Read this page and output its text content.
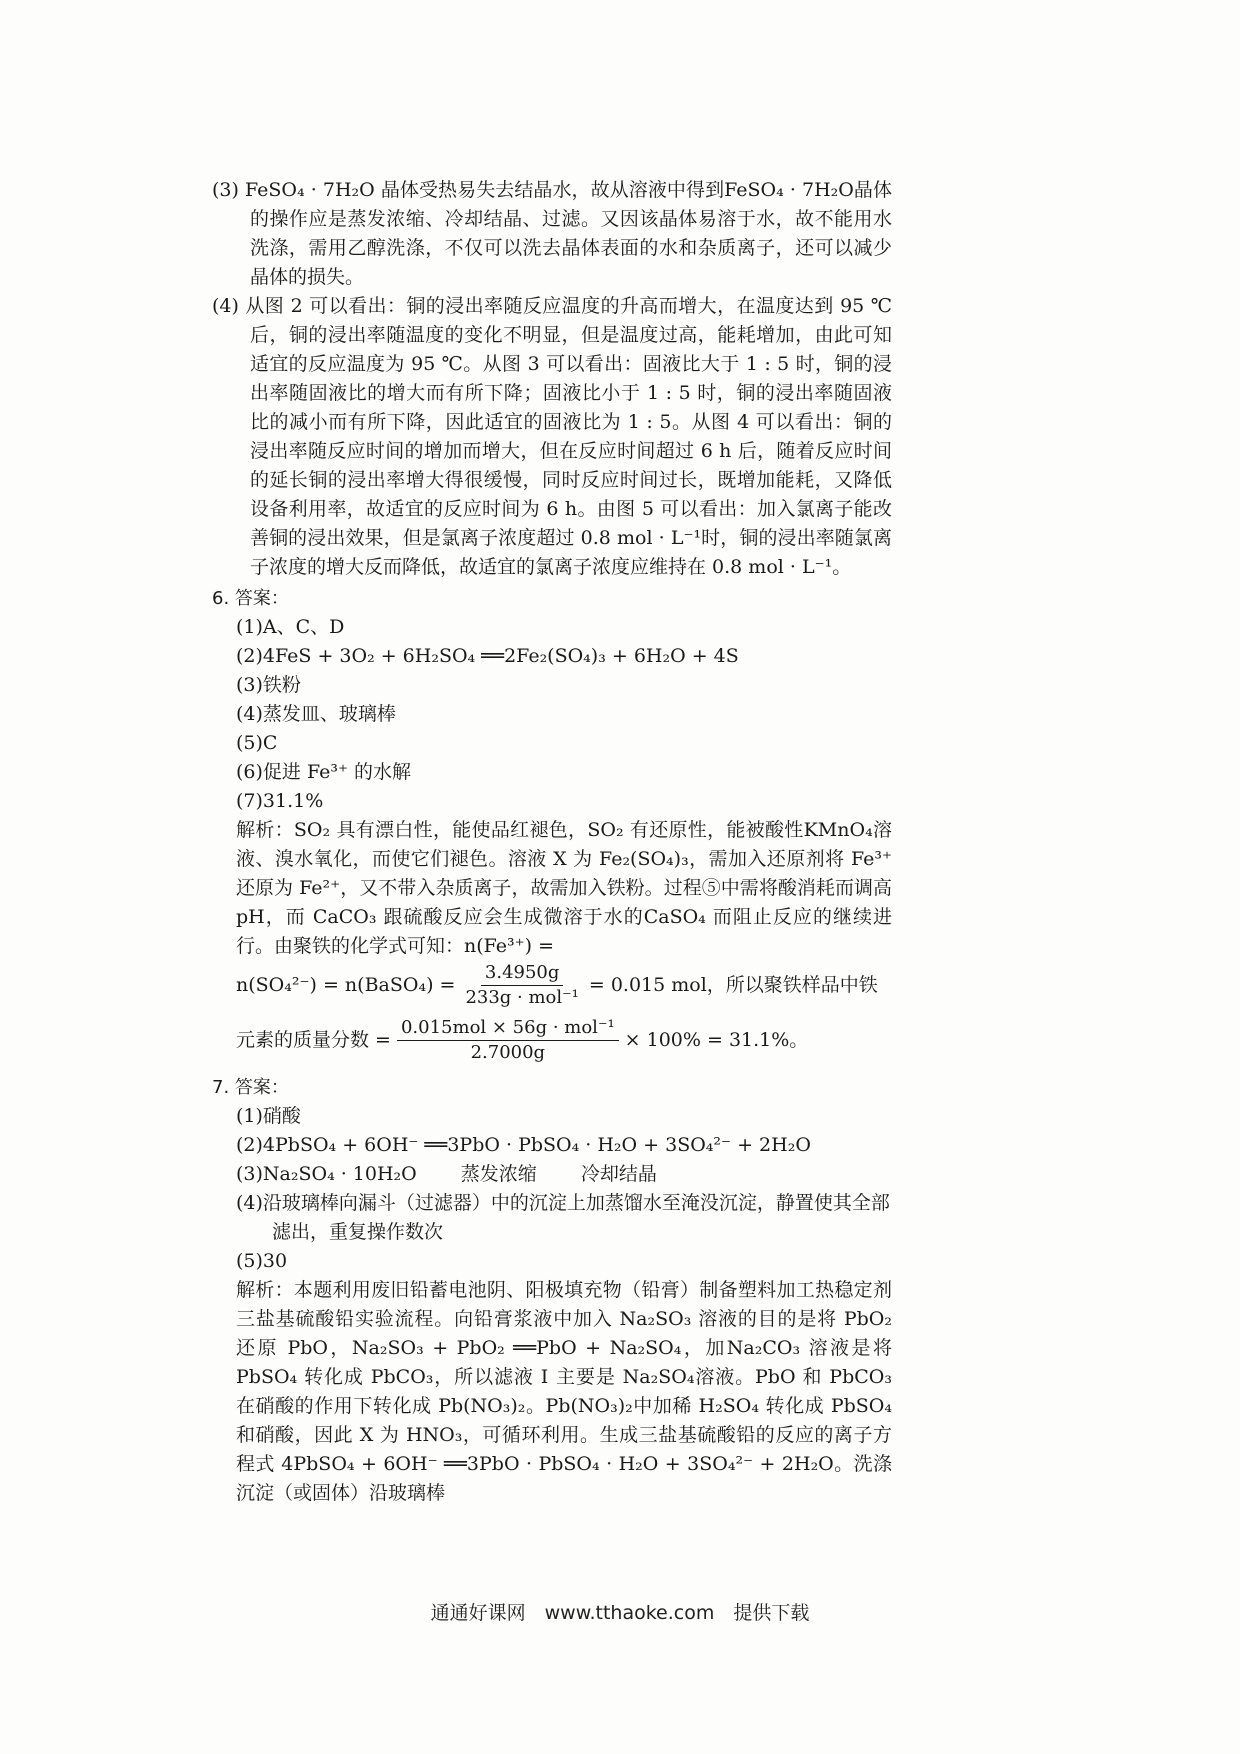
(3) FeSO₄ · 7H₂O 晶体受热易失去结晶水，故从溶液中得到FeSO₄ · 7H₂O晶体的操作应是蒸发浓缩、冷却结晶、过滤。又因该晶体易溶于水，故不能用水洗涤，需用乙醇洗涤，不仅可以洗去晶体表面的水和杂质离子，还可以减少晶体的损失。

(4) 从图 2 可以看出：铜的浸出率随反应温度的升高而增大，在温度达到 95 ℃后，铜的浸出率随温度的变化不明显，但是温度过高，能耗增加，由此可知适宜的反应温度为 95 ℃。从图 3 可以看出：固液比大于 1 : 5 时，铜的浸出率随固液比的增大而有所下降；固液比小于 1 : 5 时，铜的浸出率随固液比的减小而有所下降，因此适宜的固液比为 1 : 5。从图 4 可以看出：铜的浸出率随反应时间的增加而增大，但在反应时间超过 6 h 后，随着反应时间的延长铜的浸出率增大得很缓慢，同时反应时间过长，既增加能耗，又降低设备利用率，故适宜的反应时间为 6 h。由图 5 可以看出：加入氯离子能改善铜的浸出效果，但是氯离子浓度超过 0.8 mol · L⁻¹时，铜的浸出率随氯离子浓度的增大反而降低，故适宜的氯离子浓度应维持在 0.8 mol · L⁻¹。

6. 答案：
(1)A、C、D
(2)4FeS + 3O₂ + 6H₂SO₄ ══2Fe₂(SO₄)₃ + 6H₂O + 4S
(3)铁粉
(4)蒸发皿、玻璃棒
(5)C
(6)促进 Fe³⁺ 的水解
(7)31.1%

解析：SO₂ 具有漂白性，能使品红褪色，SO₂ 有还原性，能被酸性KMnO₄溶液、溴水氧化，而使它们褪色。溶液 X 为 Fe₂(SO₄)₃，需加入还原剂将 Fe³⁺ 还原为 Fe²⁺，又不带入杂质离子，故需加入铁粉。过程⑤中需将酸消耗而调高 pH，而 CaCO₃ 跟硫酸反应会生成微溶于水的CaSO₄ 而阻止反应的继续进行。由聚铁的化学式可知：n(Fe³⁺) =

n(SO₄²⁻) = n(BaSO₄) = $\frac{3.4950g}{\text{233g · mol⁻¹}} = 0.015$ mol，所以聚铁样品中铁
元素的质量分数 = $\frac{\text{0.015mol × 56g · mol⁻¹}}{2.7000g} \times 100\% = 31.1\%$。
7. 答案：
(1)硝酸
(2)4PbSO₄ + 6OH⁻ ══3PbO · PbSO₄ · H₂O + 3SO₄²⁻ + 2H₂O
(3)Na₂SO₄ · 10H₂O　　 蒸发浓缩　　 冷却结晶
(4)沿玻璃棒向漏斗（过滤器）中的沉淀上加蒸馏水至淹没沉淀，静置使其全部滤出，重复操作数次
(5)30

解析：本题利用废旧铅蓄电池阴、阳极填充物（铅膏）制备塑料加工热稳定剂三盐基硫酸铅实验流程。向铅膏浆液中加入 Na₂SO₃ 溶液的目的是将 PbO₂ 还原 PbO，Na₂SO₃ + PbO₂ ══PbO + Na₂SO₄，加Na₂CO₃ 溶液是将 PbSO₄ 转化成 PbCO₃，所以滤液 Ⅰ 主要是 Na₂SO₄溶液。PbO 和 PbCO₃ 在硝酸的作用下转化成 Pb(NO₃)₂。Pb(NO₃)₂中加稀 H₂SO₄ 转化成 PbSO₄ 和硝酸，因此 X 为 HNO₃，可循环利用。生成三盐基硫酸铅的反应的离子方程式 4PbSO₄ + 6OH⁻ ══3PbO · PbSO₄ · H₂O + 3SO₄²⁻ + 2H₂O。洗涤沉淀（或固体）沿玻璃棒

通通好课网　www.tthaoke.com　提供下载
